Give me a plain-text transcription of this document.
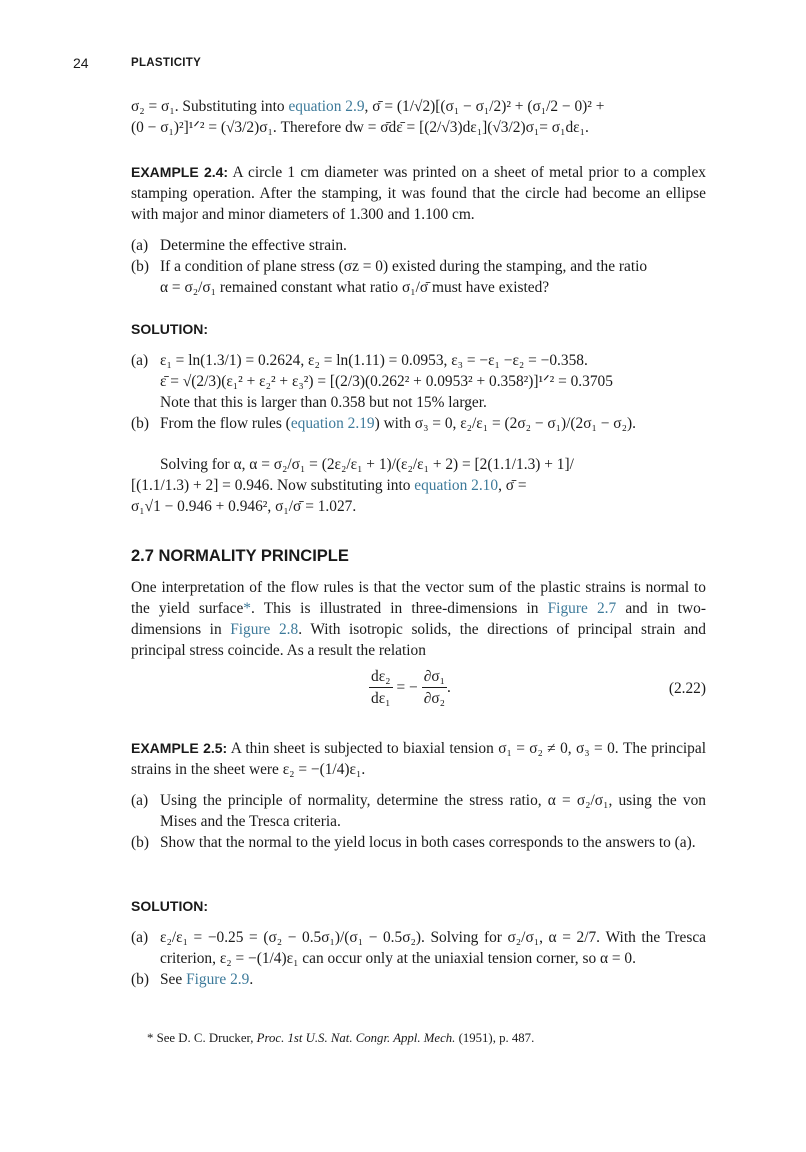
24	PLASTICITY
σ₂ = σ₁. Substituting into equation 2.9, σ̄ = (1/√2)[(σ₁ − σ₁/2)² + (σ₁/2 − 0)² +
(0 − σ₁)²]¹ᐟ² = (√3/2)σ₁. Therefore dw = σ̄dε̄ = [(2/√3)dε₁](√3/2)σ₁= σ₁dε₁.
EXAMPLE 2.4: A circle 1 cm diameter was printed on a sheet of metal prior to a complex stamping operation. After the stamping, it was found that the circle had become an ellipse with major and minor diameters of 1.300 and 1.100 cm.
(a) Determine the effective strain.
(b) If a condition of plane stress (σz = 0) existed during the stamping, and the ratio
α = σ₂/σ₁ remained constant what ratio σ₁/σ̄ must have existed?
SOLUTION:
(a) ε₁ = ln(1.3/1) = 0.2624, ε₂ = ln(1.11) = 0.0953, ε₃ = −ε₁ −ε₂ = −0.358.
ε̄ = √(2/3)(ε₁² + ε₂² + ε₃²) = [(2/3)(0.262² + 0.0953² + 0.358²)]¹ᐟ² = 0.3705
Note that this is larger than 0.358 but not 15% larger.
(b) From the flow rules (equation 2.19) with σ₃ = 0, ε₂/ε₁ = (2σ₂ − σ₁)/(2σ₁ − σ₂).
Solving for α, α = σ₂/σ₁ = (2ε₂/ε₁ + 1)/(ε₂/ε₁ + 2) = [2(1.1/1.3) + 1]/
[(1.1/1.3) + 2] = 0.946. Now substituting into equation 2.10, σ̄ =
σ₁√1 − 0.946 + 0.946², σ₁/σ̄ = 1.027.
2.7 NORMALITY PRINCIPLE
One interpretation of the flow rules is that the vector sum of the plastic strains is normal to the yield surface*. This is illustrated in three-dimensions in Figure 2.7 and in two-dimensions in Figure 2.8. With isotropic solids, the directions of principal strain and principal stress coincide. As a result the relation
$\frac{\text{dε₂}}{\text{dε₁}}$ = − $\frac{\text{∂σ₁}}{\text{∂σ₂}}$ .	(2.22)
EXAMPLE 2.5: A thin sheet is subjected to biaxial tension σ₁ = σ₂ ≠ 0, σ₃ = 0. The principal strains in the sheet were ε₂ = −(1/4)ε₁.
(a) Using the principle of normality, determine the stress ratio, α = σ₂/σ₁, using the von Mises and the Tresca criteria.
(b) Show that the normal to the yield locus in both cases corresponds to the answers to (a).
SOLUTION:
(a) ε₂/ε₁ = −0.25 = (σ₂ − 0.5σ₁)/(σ₁ − 0.5σ₂). Solving for σ₂/σ₁, α = 2/7. With the Tresca criterion, ε₂ = −(1/4)ε₁ can occur only at the uniaxial tension corner, so α = 0.
(b) See Figure 2.9.
* See D. C. Drucker, Proc. 1st U.S. Nat. Congr. Appl. Mech. (1951), p. 487.
